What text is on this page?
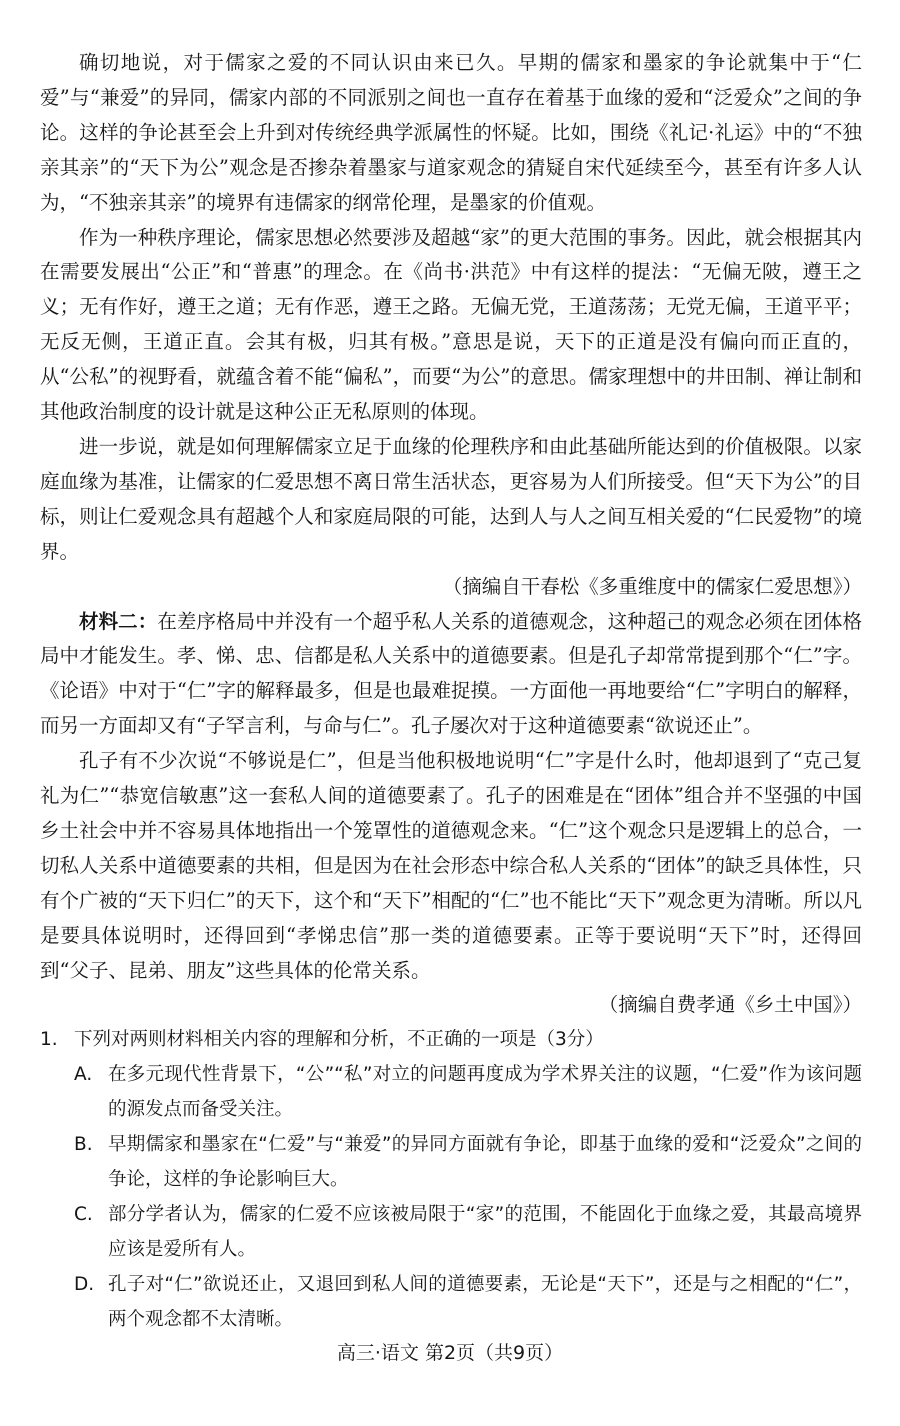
确切地说，对于儒家之爱的不同认识由来已久。早期的儒家和墨家的争论就集中于“仁爱”与“兼爱”的异同，儒家内部的不同派别之间也一直存在着基于血缘的爱和“泛爱众”之间的争论。这样的争论甚至会上升到对传统经典学派属性的怀疑。比如，围绕《礼记·礼运》中的“不独亲其亲”的“天下为公”观念是否掺杂着墨家与道家观念的猜疑自宋代延续至今，甚至有许多人认为，“不独亲其亲”的境界有违儒家的纲常伦理，是墨家的价值观。

作为一种秩序理论，儒家思想必然要涉及超越“家”的更大范围的事务。因此，就会根据其内在需要发展出“公正”和“普惠”的理念。在《尚书·洪范》中有这样的提法：“无偏无陂，遵王之义；无有作好，遵王之道；无有作恶，遵王之路。无偏无党，王道荡荡；无党无偏，王道平平；无反无侧，王道正直。会其有极，归其有极。”意思是说，天下的正道是没有偏向而正直的，从“公私”的视野看，就蕴含着不能“偏私”，而要“为公”的意思。儒家理想中的井田制、禅让制和其他政治制度的设计就是这种公正无私原则的体现。

进一步说，就是如何理解儒家立足于血缘的伦理秩序和由此基础所能达到的价值极限。以家庭血缘为基准，让儒家的仁爱思想不离日常生活状态，更容易为人们所接受。但“天下为公”的目标，则让仁爱观念具有超越个人和家庭局限的可能，达到人与人之间互相关爱的“仁民爱物”的境界。

（摘编自干春松《多重维度中的儒家仁爱思想》）

材料二：在差序格局中并没有一个超乎私人关系的道德观念，这种超己的观念必须在团体格局中才能发生。孝、悌、忠、信都是私人关系中的道德要素。但是孔子却常常提到那个“仁”字。《论语》中对于“仁”字的解释最多，但是也最难捉摸。一方面他一再地要给“仁”字明白的解释，而另一方面却又有“子罕言利，与命与仁”。孔子屡次对于这种道德要素“欲说还止”。

孔子有不少次说“不够说是仁”，但是当他积极地说明“仁”字是什么时，他却退到了“克己复礼为仁”“恭宽信敏惠”这一套私人间的道德要素了。孔子的困难是在“团体”组合并不坚强的中国乡土社会中并不容易具体地指出一个笼罩性的道德观念来。“仁”这个观念只是逻辑上的总合，一切私人关系中道德要素的共相，但是因为在社会形态中综合私人关系的“团体”的缺乏具体性，只有个广被的“天下归仁”的天下，这个和“天下”相配的“仁”也不能比“天下”观念更为清晰。所以凡是要具体说明时，还得回到“孝悌忠信”那一类的道德要素。正等于要说明“天下”时，还得回到“父子、昆弟、朋友”这些具体的伦常关系。

（摘编自费孝通《乡土中国》）

1. 下列对两则材料相关内容的理解和分析，不正确的一项是（3分）

A. 在多元现代性背景下，“公”“私”对立的问题再度成为学术界关注的议题，“仁爱”作为该问题的源发点而备受关注。
B. 早期儒家和墨家在“仁爱”与“兼爱”的异同方面就有争论，即基于血缘的爱和“泛爱众”之间的争论，这样的争论影响巨大。
C. 部分学者认为，儒家的仁爱不应该被局限于“家”的范围，不能固化于血缘之爱，其最高境界应该是爱所有人。
D. 孔子对“仁”欲说还止，又退回到私人间的道德要素，无论是“天下”，还是与之相配的“仁”，两个观念都不太清晰。
高三·语文 第2页（共9页）
